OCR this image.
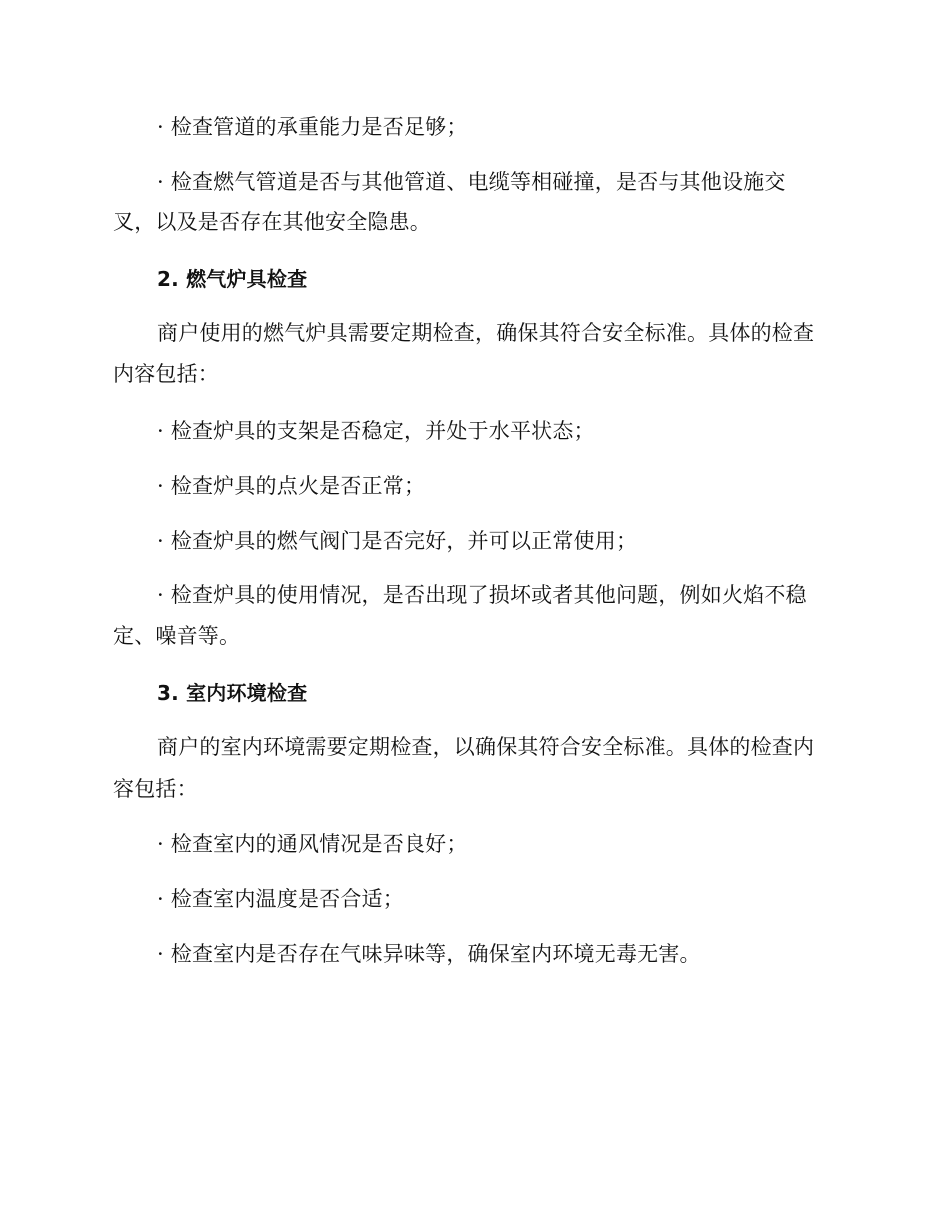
· 检查管道的承重能力是否足够；
· 检查燃气管道是否与其他管道、电缆等相碰撞，是否与其他设施交
叉，以及是否存在其他安全隐患。
2. 燃气炉具检查
商户使用的燃气炉具需要定期检查，确保其符合安全标准。具体的检查
内容包括：
· 检查炉具的支架是否稳定，并处于水平状态；
· 检查炉具的点火是否正常；
· 检查炉具的燃气阀门是否完好，并可以正常使用；
· 检查炉具的使用情况，是否出现了损坏或者其他问题，例如火焰不稳
定、噪音等。
3. 室内环境检查
商户的室内环境需要定期检查，以确保其符合安全标准。具体的检查内
容包括：
· 检查室内的通风情况是否良好；
· 检查室内温度是否合适；
· 检查室内是否存在气味异味等，确保室内环境无毒无害。
